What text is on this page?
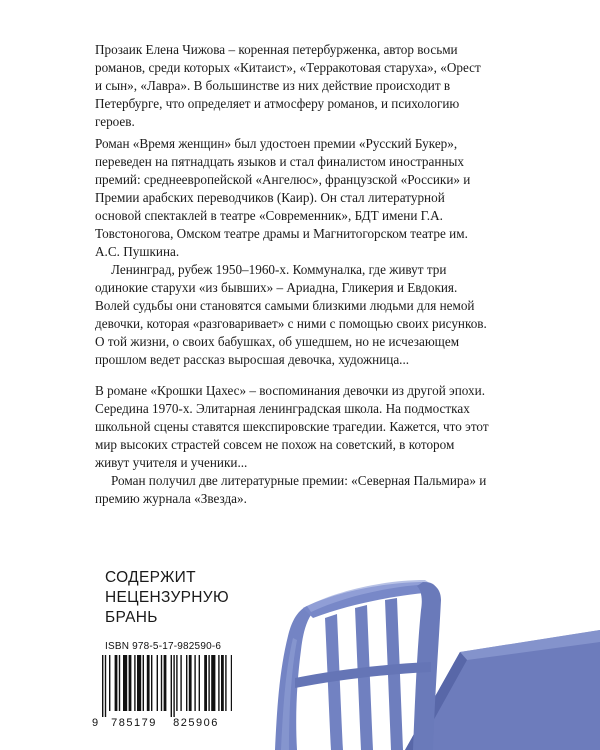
Прозаик Елена Чижова – коренная петербурженка, автор восьми романов, среди которых «Китаист», «Терракотовая старуха», «Орест и сын», «Лавра». В большинстве из них действие происходит в Петербурге, что определяет и атмосферу романов, и психологию героев.

Роман «Время женщин» был удостоен премии «Русский Букер», переведен на пятнадцать языков и стал финалистом иностранных премий: среднеевропейской «Ангелюс», французской «Россики» и Премии арабских переводчиков (Каир). Он стал литературной основой спектаклей в театре «Современник», БДТ имени Г.А. Товстоногова, Омском театре драмы и Магнитогорском театре им. А.С. Пушкина.

Ленинград, рубеж 1950–1960-х. Коммуналка, где живут три одинокие старухи «из бывших» – Ариадна, Гликерия и Евдокия. Волей судьбы они становятся самыми близкими людьми для немой девочки, которая «разговаривает» с ними с помощью своих рисунков. О той жизни, о своих бабушках, об ушедшем, но не исчезающем прошлом ведет рассказ выросшая девочка, художница...

В романе «Крошки Цахес» – воспоминания девочки из другой эпохи. Середина 1970-х. Элитарная ленинградская школа. На подмостках школьной сцены ставятся шекспировские трагедии. Кажется, что этот мир высоких страстей совсем не похож на советский, в котором живут учителя и ученики...

Роман получил две литературные премии: «Северная Пальмира» и премию журнала «Звезда».

СОДЕРЖИТ
НЕЦЕНЗУРНУЮ
БРАНЬ
ISBN 978-5-17-982590-6
9	785179	825906
